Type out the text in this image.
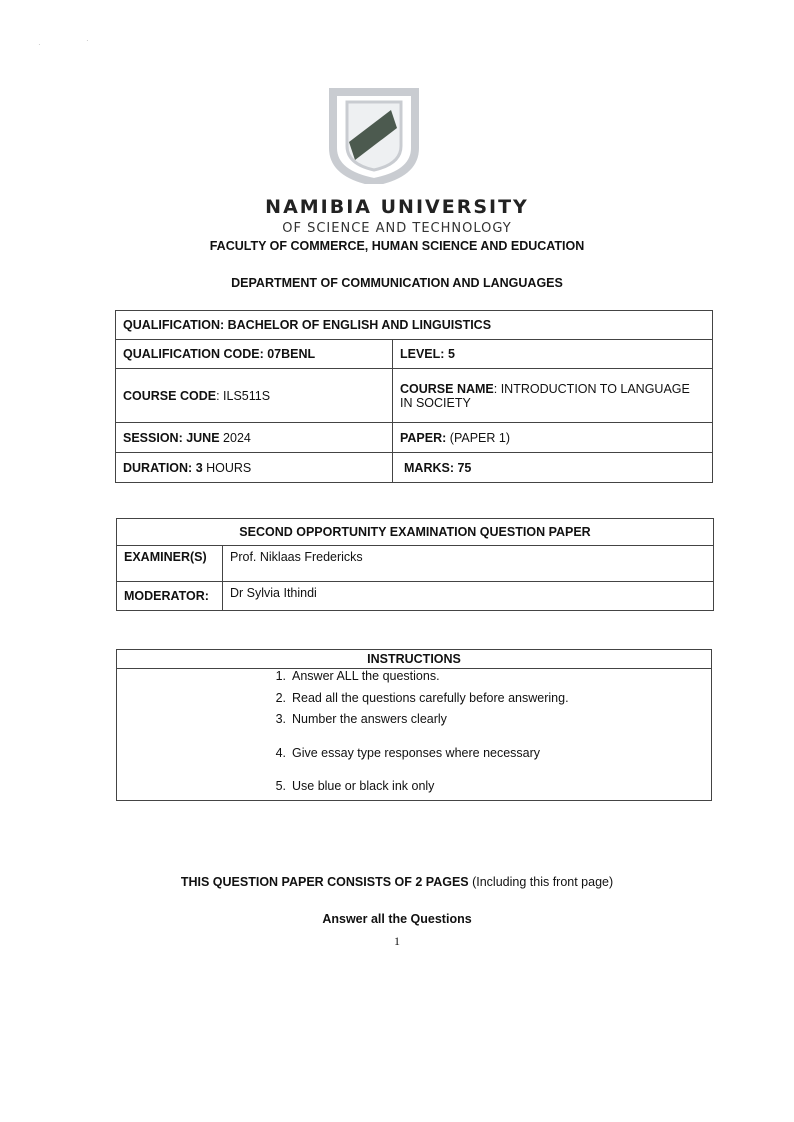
·	·
NAMIBIA UNIVERSITY
OF SCIENCE AND TECHNOLOGY
FACULTY OF COMMERCE, HUMAN SCIENCE AND EDUCATION
DEPARTMENT OF COMMUNICATION AND LANGUAGES
QUALIFICATION: BACHELOR OF ENGLISH AND LINGUISTICS	
QUALIFICATION CODE: 07BENL	LEVEL: 5
COURSE CODE: ILS511S	COURSE NAME: INTRODUCTION TO LANGUAGE IN SOCIETY
SESSION: JUNE 2024	PAPER: (PAPER 1)
DURATION: 3 HOURS	MARKS: 75
SECOND OPPORTUNITY EXAMINATION QUESTION PAPER	
EXAMINER(S)	Prof. Niklaas Fredericks
MODERATOR:	Dr Sylvia Ithindi
INSTRUCTIONS

1. Answer ALL the questions.
2. Read all the questions carefully before answering.
3. Number the answers clearly
4. Give essay type responses where necessary
5. Use blue or black ink only
THIS QUESTION PAPER CONSISTS OF 2 PAGES (Including this front page)
Answer all the Questions
1
